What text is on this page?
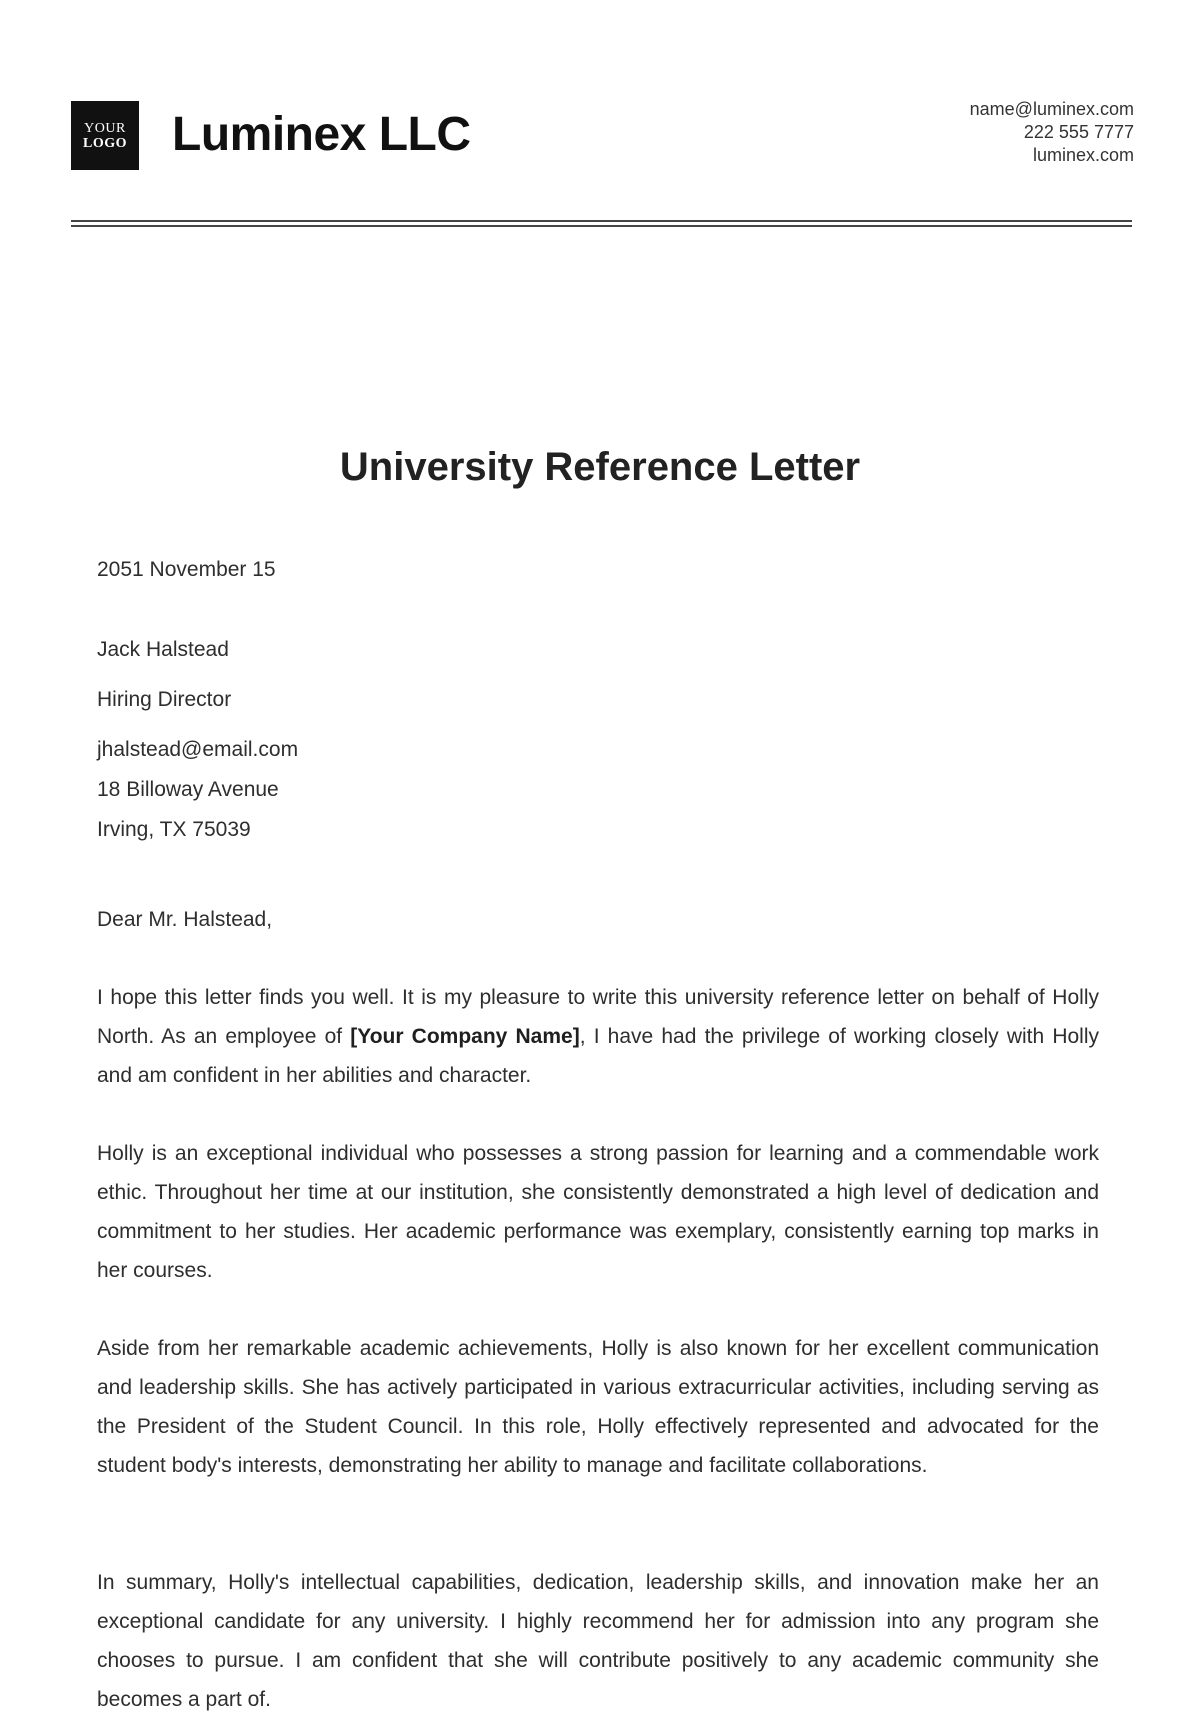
YOUR
LOGO Luminex LLC	name@luminex.com
222 555 7777
luminex.com
University Reference Letter
2051 November 15
Jack Halstead
Hiring Director
jhalstead@email.com
18 Billoway Avenue
Irving, TX 75039
Dear Mr. Halstead,

I hope this letter finds you well. It is my pleasure to write this university reference letter on behalf of Holly North. As an employee of [Your Company Name], I have had the privilege of working closely with Holly and am confident in her abilities and character.

Holly is an exceptional individual who possesses a strong passion for learning and a commendable work ethic. Throughout her time at our institution, she consistently demonstrated a high level of dedication and commitment to her studies. Her academic performance was exemplary, consistently earning top marks in her courses.

Aside from her remarkable academic achievements, Holly is also known for her excellent communication and leadership skills. She has actively participated in various extracurricular activities, including serving as the President of the Student Council. In this role, Holly effectively represented and advocated for the student body's interests, demonstrating her ability to manage and facilitate collaborations.

In summary, Holly's intellectual capabilities, dedication, leadership skills, and innovation make her an exceptional candidate for any university. I highly recommend her for admission into any program she chooses to pursue. I am confident that she will contribute positively to any academic community she becomes a part of.
